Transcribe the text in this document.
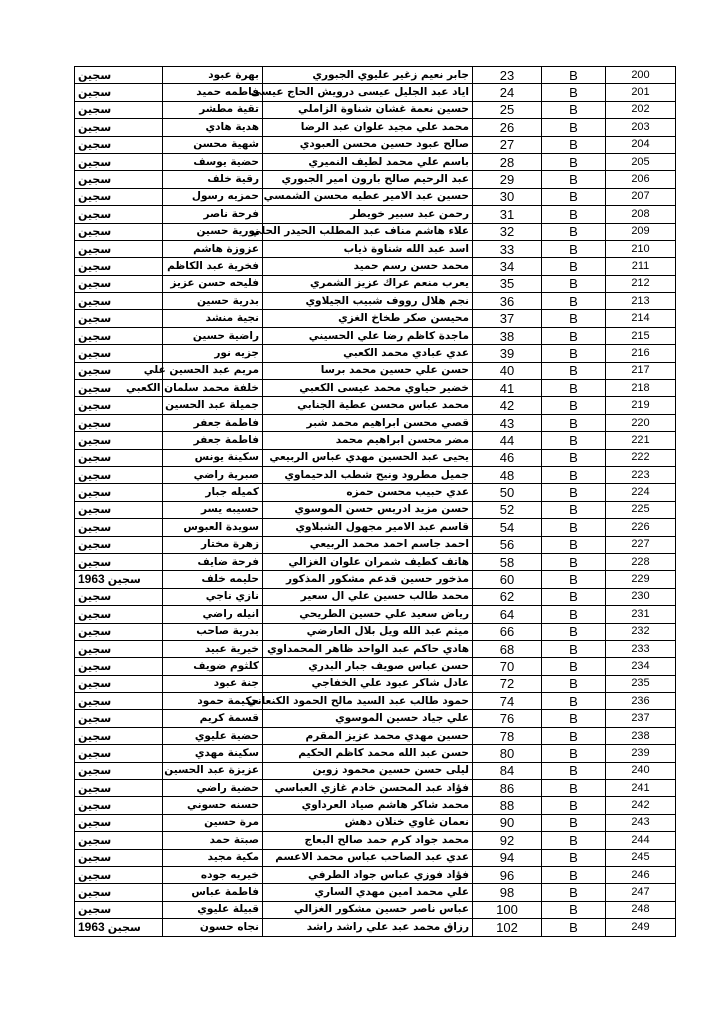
سجين	بهرة عبود	جابر نعيم زغير عليوي الجبوري	23	B	200
سجين	فاطمه حميد	اياد عبد الجليل عيسى درويش الحاج عيسى	24	B	201
سجين	تقية مطشر	حسين نعمة غشان شناوة الزاملي	25	B	202
سجين	هدية هادي	محمد علي مجيد علوان عبد الرضا	26	B	203
سجين	شهية محسن	صالح عبود حسين محسن العبودي	27	B	204
سجين	حضية يوسف	باسم علي محمد لطيف النميري	28	B	205
سجين	رقية خلف	عبد الرحيم صالح بارون امير الجبوري	29	B	206
سجين	حمزيه رسول	حسين عبد الامير عطيه محسن الشمسي	30	B	207
سجين	فرحة ناصر	رحمن عبد سبير خويطر	31	B	208
سجين	نورية حسين	علاء هاشم مناف عبد المطلب الحيدر الحلي	32	B	209
سجين	عزوزة هاشم	اسد عبد الله شناوة ذياب	33	B	210
سجين	فخرية عبد الكاظم	محمد حسن رسم حميد	34	B	211
سجين	فليحه حسن عزيز	يعرب منعم عراك عزيز الشمري	35	B	212
سجين	بدرية حسين	نجم هلال رووف شبيب الجيلاوي	36	B	213
سجين	نجية منشد	محيسن صكر طخاخ الغزي	37	B	214
سجين	راضية حسين	ماجدة كاظم رضا علي الحسيني	38	B	215
سجين	جزيه نور	عدي عبادي محمد الكعبي	39	B	216
سجين	مريم عبد الحسين علي	حسن علي حسين محمد برسا	40	B	217
سجين	خلفة محمد سلمان الكعبي	خضير حياوي محمد عيسى الكعبي	41	B	218
سجين	جميلة عبد الحسين	محمد عباس محسن عطية الجنابي	42	B	219
سجين	فاطمة جعفر	قصي محسن ابراهيم محمد شبر	43	B	220
سجين	فاطمة جعفر	مضر محسن ابراهيم محمد	44	B	221
سجين	سكينة يونس	يحيى عبد الحسين مهدي عباس الربيعي	46	B	222
سجين	صبرية راضي	جميل مطرود ونيح شطب الدحيماوي	48	B	223
سجين	كميله جبار	عدي حبيب محسن حمزه	50	B	224
سجين	حسيبه يسر	حسن مزيد ادريس حسن الموسوي	52	B	225
سجين	سويدة العبوس	قاسم عبد الامير مجهول الشبلاوي	54	B	226
سجين	زهرة مختار	احمد جاسم احمد محمد الربيعي	56	B	227
سجين	فرحة ضايف	هاتف كطيف شمران علوان الغزالي	58	B	228
1963 سجين	حليمه خلف	مذخور حسين قدعم مشكور المذكور	60	B	229
سجين	نازي ناجي	محمد طالب حسين علي ال سعير	62	B	230
سجين	انيله راضي	رياض سعيد علي حسين الطريحي	64	B	231
سجين	بدرية صاحب	ميثم عبد الله ويل بلال العارضي	66	B	232
سجين	خيرية عبيد	هادي حاكم عبد الواحد ظاهر المحمداوي	68	B	233
سجين	كلثوم ضويف	حسن عباس صويف جبار البدري	70	B	234
سجين	جنة عبود	عادل شاكر عبود علي الخفاجي	72	B	235
سجين	حكيمة حمود	حمود طالب عبد السيد مالح الحمود الكنعاني	74	B	236
سجين	قسمة كريم	علي جياد حسين الموسوي	76	B	237
سجين	حضية عليوي	حسين مهدي محمد عزيز المقرم	78	B	238
سجين	سكينة مهدي	حسن عبد الله محمد كاظم الحكيم	80	B	239
سجين	عزيزة عبد الحسين	ليلى حسن حسين محمود زوين	84	B	240
سجين	حضية راضي	فؤاد عبد المحسن خادم غازي العباسي	86	B	241
سجين	حسنه حسوني	محمد شاكر هاشم صياد العرداوي	88	B	242
سجين	مرة حسين	نعمان غاوي خنلان دهش	90	B	243
سجين	صبتة حمد	محمد جواد كرم حمد صالح البعاج	92	B	244
سجين	مكية مجيد	عدي عبد الصاحب عباس محمد الاعسم	94	B	245
سجين	خيريه جوده	فؤاد فوزي عباس جواد الطرفي	96	B	246
سجين	فاطمة عباس	علي محمد امين مهدي الساري	98	B	247
سجين	قبيلة عليوي	عباس ناصر حسين مشكور الغزالي	100	B	248
1963 سجين	نجاه حسون	رزاق محمد عبد علي راشد راشد	102	B	249
